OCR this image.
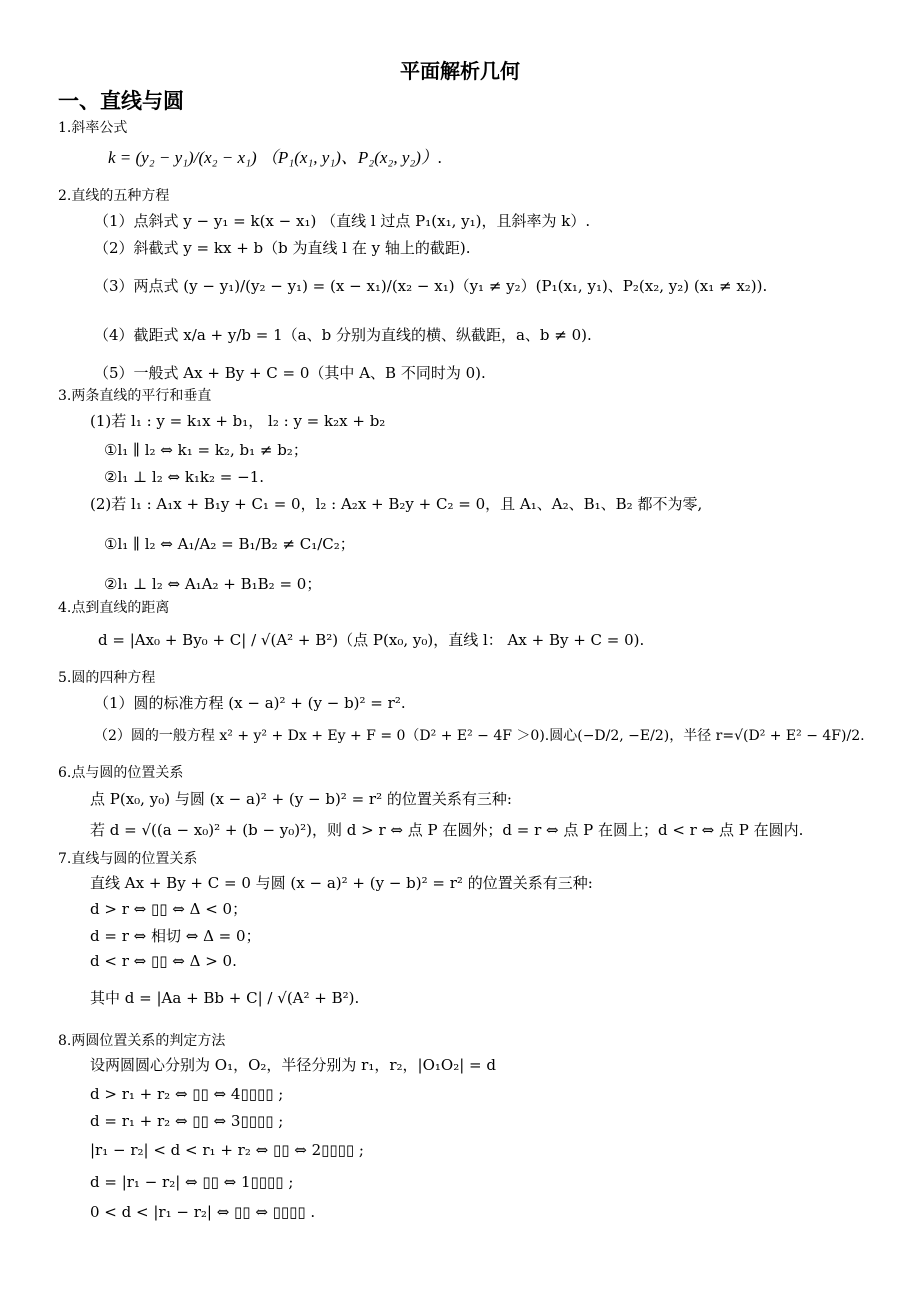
平面解析几何
一、直线与圆
1.斜率公式
k = (y₂ − y₁)/(x₂ − x₁) （P₁(x₁, y₁)、P₂(x₂, y₂)）.
2.直线的五种方程
（1）点斜式 y − y₁ = k(x − x₁) （直线 l 过点 P₁(x₁, y₁)，且斜率为 k）.
（2）斜截式 y = kx + b（b 为直线 l 在 y 轴上的截距).
（3）两点式 (y − y₁)/(y₂ − y₁) = (x − x₁)/(x₂ − x₁)（y₁ ≠ y₂）(P₁(x₁, y₁)、P₂(x₂, y₂) (x₁ ≠ x₂)).
（4）截距式 x/a + y/b = 1（a、b 分别为直线的横、纵截距，a、b ≠ 0).
（5）一般式 Ax + By + C = 0（其中 A、B 不同时为 0).
3.两条直线的平行和垂直
(1)若 l₁ : y = k₁x + b₁， l₂ : y = k₂x + b₂
①l₁ ∥ l₂ ⇔ k₁ = k₂, b₁ ≠ b₂；
②l₁ ⊥ l₂ ⇔ k₁k₂ = −1.
(2)若 l₁ : A₁x + B₁y + C₁ = 0，l₂ : A₂x + B₂y + C₂ = 0，且 A₁、A₂、B₁、B₂ 都不为零,
①l₁ ∥ l₂ ⇔ A₁/A₂ = B₁/B₂ ≠ C₁/C₂；
②l₁ ⊥ l₂ ⇔ A₁A₂ + B₁B₂ = 0；
4.点到直线的距离
d = |Ax₀ + By₀ + C| / √(A² + B²)（点 P(x₀, y₀)，直线 l： Ax + By + C = 0).
5.圆的四种方程
（1）圆的标准方程 (x − a)² + (y − b)² = r².
（2）圆的一般方程 x² + y² + Dx + Ey + F = 0（D² + E² − 4F ＞0).圆心(−D/2, −E/2)，半径 r=√(D² + E² − 4F)/2.
6.点与圆的位置关系
点 P(x₀, y₀) 与圆 (x − a)² + (y − b)² = r² 的位置关系有三种:
若 d = √((a − x₀)² + (b − y₀)²)，则 d > r ⇔ 点 P 在圆外；d = r ⇔ 点 P 在圆上；d < r ⇔ 点 P 在圆内.
7.直线与圆的位置关系
直线 Ax + By + C = 0 与圆 (x − a)² + (y − b)² = r² 的位置关系有三种:
d > r ⇔ ▯▯ ⇔ Δ < 0；
d = r ⇔ 相切 ⇔ Δ = 0；
d < r ⇔ ▯▯ ⇔ Δ > 0.
其中 d = |Aa + Bb + C| / √(A² + B²).
8.两圆位置关系的判定方法
设两圆圆心分别为 O₁，O₂，半径分别为 r₁，r₂，|O₁O₂| = d
d > r₁ + r₂ ⇔ ▯▯ ⇔ 4▯▯▯▯ ;
d = r₁ + r₂ ⇔ ▯▯ ⇔ 3▯▯▯▯ ;
|r₁ − r₂| < d < r₁ + r₂ ⇔ ▯▯ ⇔ 2▯▯▯▯ ;
d = |r₁ − r₂| ⇔ ▯▯ ⇔ 1▯▯▯▯ ;
0 < d < |r₁ − r₂| ⇔ ▯▯ ⇔ ▯▯▯▯ .
